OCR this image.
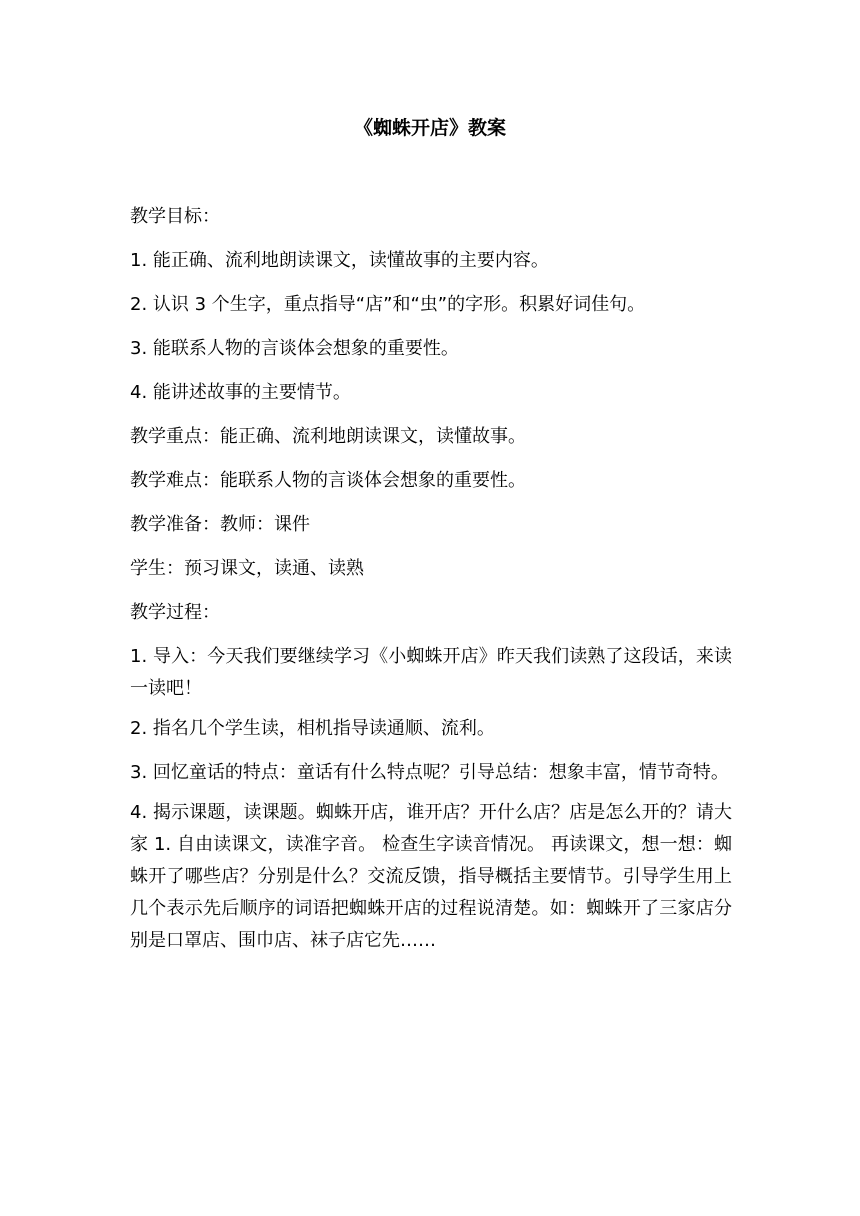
《蜘蛛开店》教案

教学目标：

1. 能正确、流利地朗读课文，读懂故事的主要内容。

2. 认识 3 个生字，重点指导“店”和“虫”的字形。积累好词佳句。

3. 能联系人物的言谈体会想象的重要性。

4. 能讲述故事的主要情节。

教学重点：能正确、流利地朗读课文，读懂故事。

教学难点：能联系人物的言谈体会想象的重要性。

教学准备：教师：课件

学生：预习课文，读通、读熟

教学过程：

1. 导入：今天我们要继续学习《小蜘蛛开店》昨天我们读熟了这段话，来读一读吧！

2. 指名几个学生读，相机指导读通顺、流利。

3. 回忆童话的特点：童话有什么特点呢？引导总结：想象丰富，情节奇特。

4. 揭示课题，读课题。蜘蛛开店，谁开店？开什么店？店是怎么开的？请大家 1. 自由读课文，读准字音。 检查生字读音情况。 再读课文，想一想：蜘蛛开了哪些店？分别是什么？交流反馈，指导概括主要情节。引导学生用上几个表示先后顺序的词语把蜘蛛开店的过程说清楚。如：蜘蛛开了三家店分别是口罩店、围巾店、袜子店它先……
